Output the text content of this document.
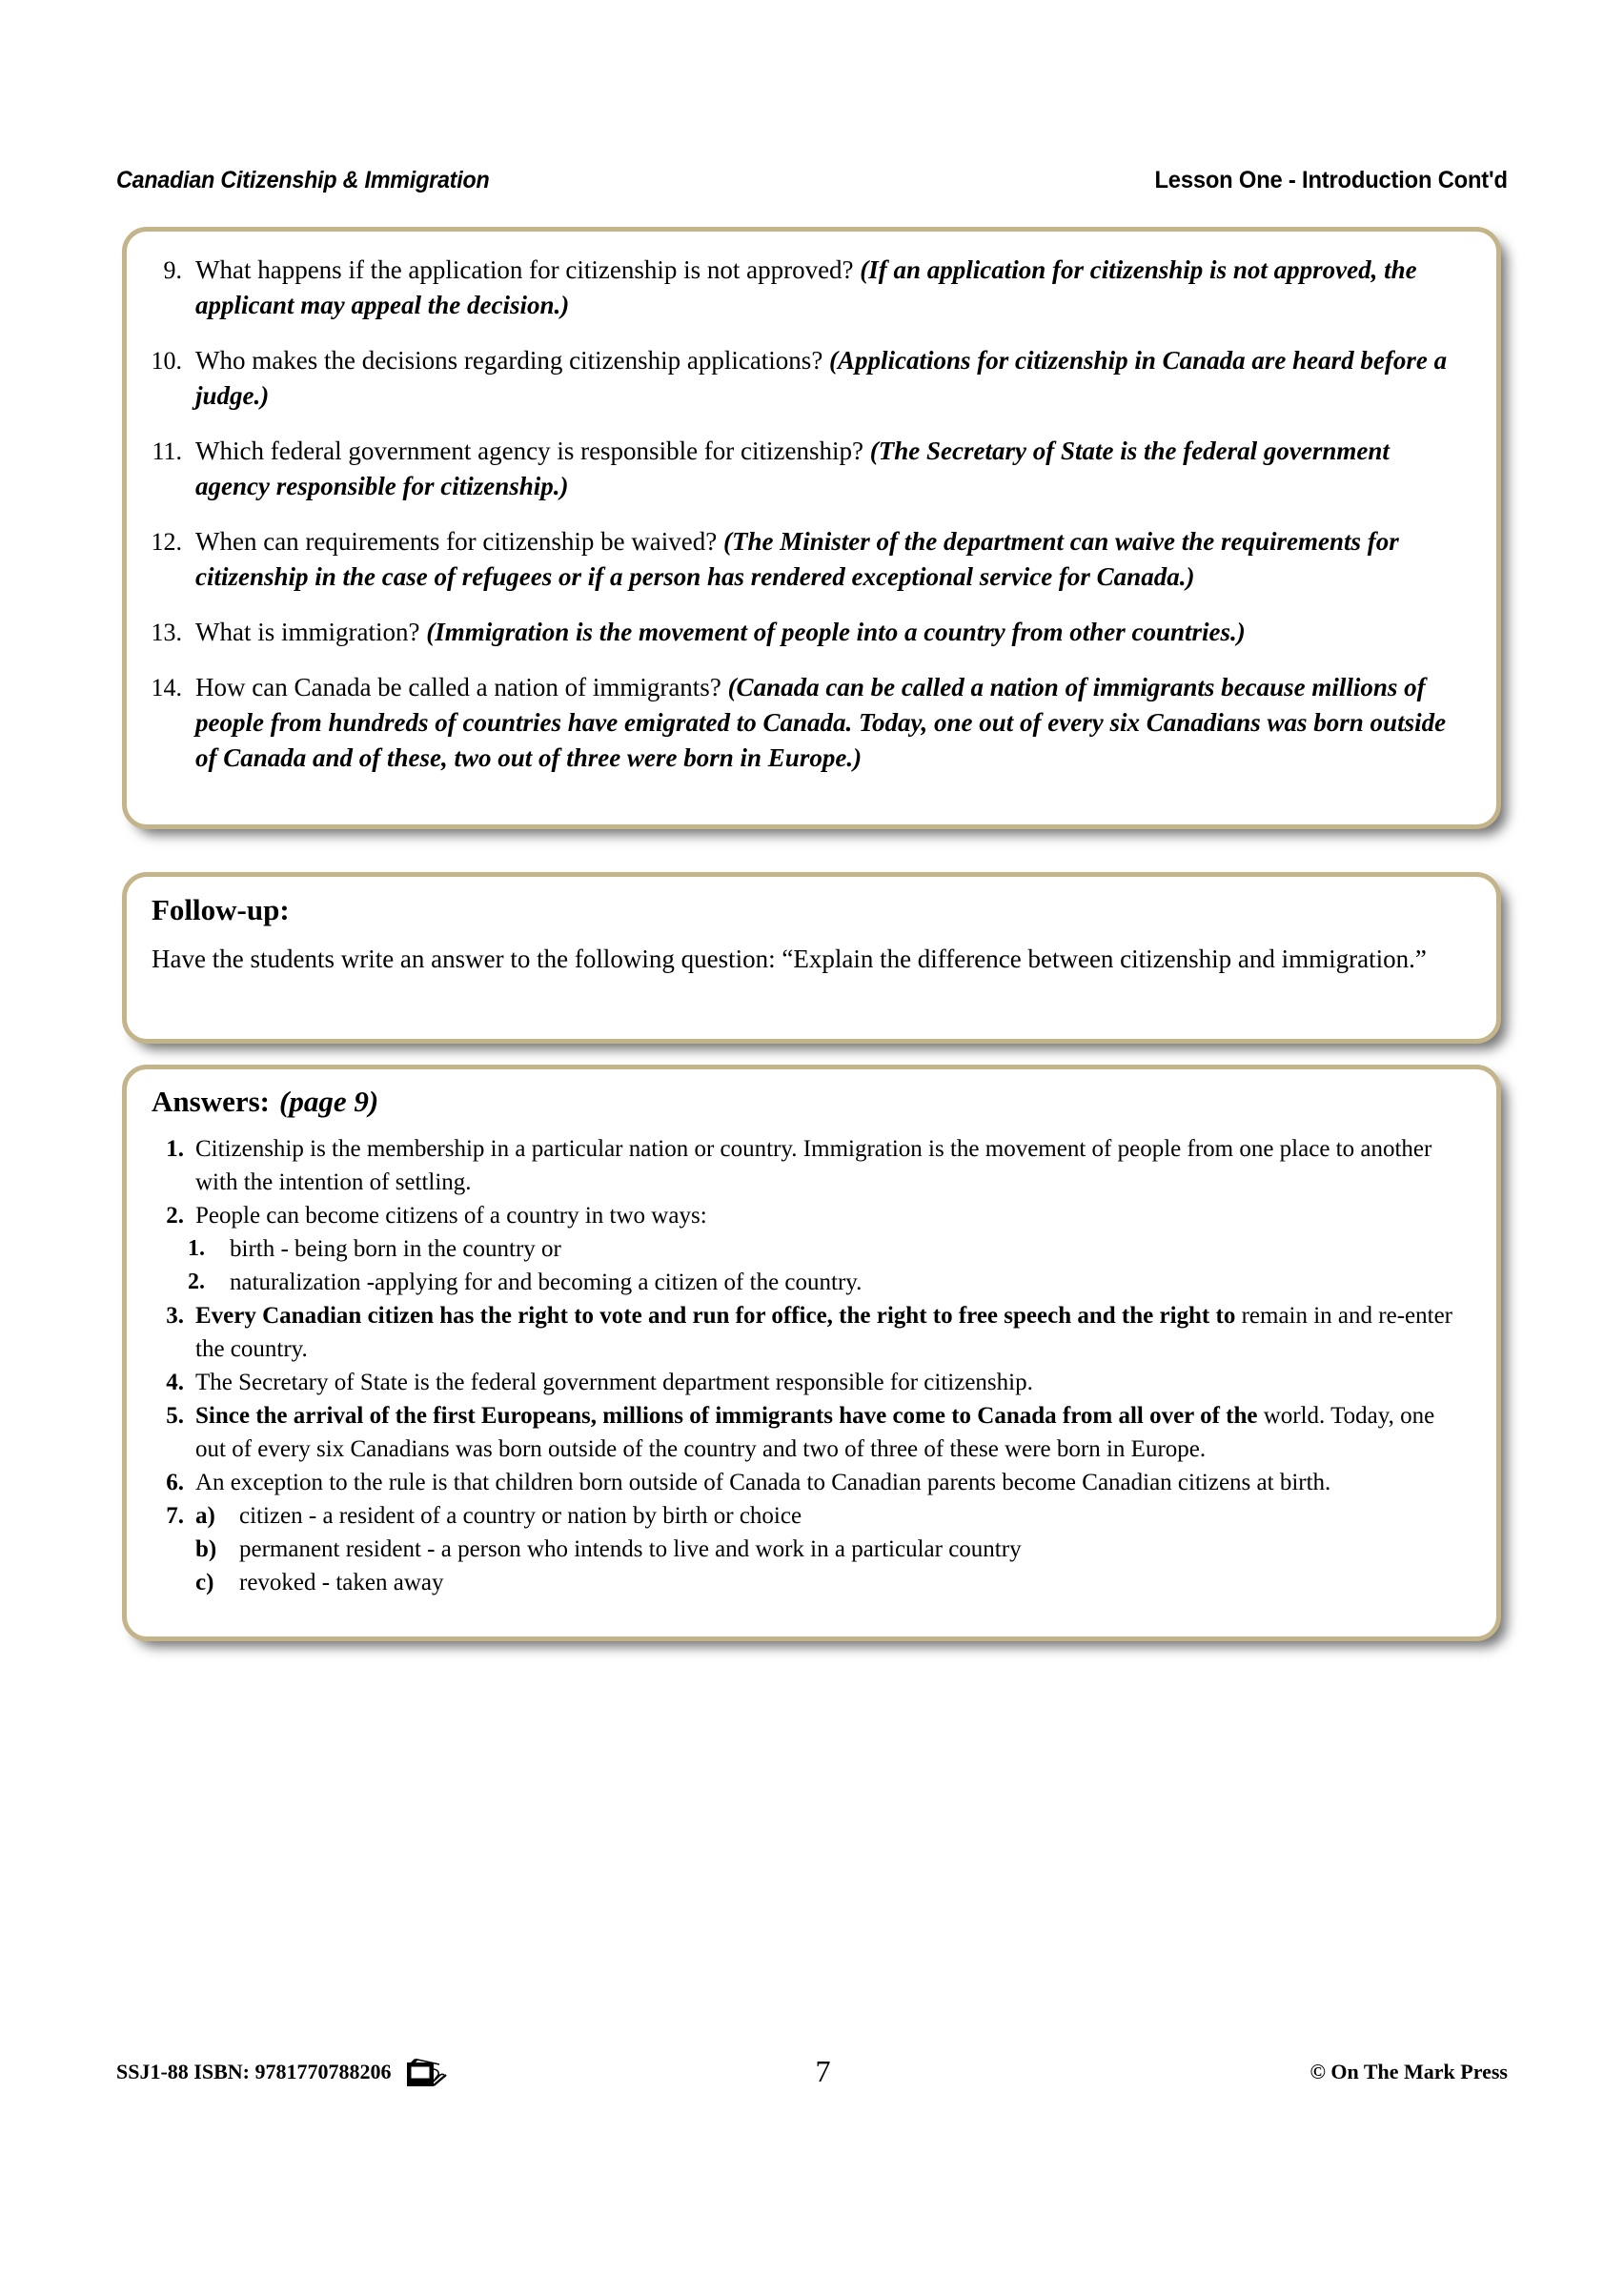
Canadian Citizenship & Immigration	Lesson One - Introduction Cont'd
9. What happens if the application for citizenship is not approved? (If an application for citizenship is not approved, the applicant may appeal the decision.)
10. Who makes the decisions regarding citizenship applications? (Applications for citizenship in Canada are heard before a judge.)
11. Which federal government agency is responsible for citizenship? (The Secretary of State is the federal government agency responsible for citizenship.)
12. When can requirements for citizenship be waived? (The Minister of the department can waive the requirements for citizenship in the case of refugees or if a person has rendered exceptional service for Canada.)
13. What is immigration? (Immigration is the movement of people into a country from other countries.)
14. How can Canada be called a nation of immigrants? (Canada can be called a nation of immigrants because millions of people from hundreds of countries have emigrated to Canada. Today, one out of every six Canadians was born outside of Canada and of these, two out of three were born in Europe.)
Follow-up:
Have the students write an answer to the following question: “Explain the difference between citizenship and immigration.”
Answers: (page 9)
1. Citizenship is the membership in a particular nation or country. Immigration is the movement of people from one place to another with the intention of settling.
2. People can become citizens of a country in two ways:
1.	birth - being born in the country or
2.	naturalization -applying for and becoming a citizen of the country.
3. Every Canadian citizen has the right to vote and run for office, the right to free speech and the right to remain in and re-enter the country.
4. The Secretary of State is the federal government department responsible for citizenship.
5. Since the arrival of the first Europeans, millions of immigrants have come to Canada from all over of the world. Today, one out of every six Canadians was born outside of the country and two of three of these were born in Europe.
6. An exception to the rule is that children born outside of Canada to Canadian parents become Canadian citizens at birth.
7. a)	citizen - a resident of a country or nation by birth or choice
b) permanent resident - a person who intends to live and work in a particular country
c)	revoked - taken away
SSJ1-88 ISBN: 9781770788206	7	© On The Mark Press
